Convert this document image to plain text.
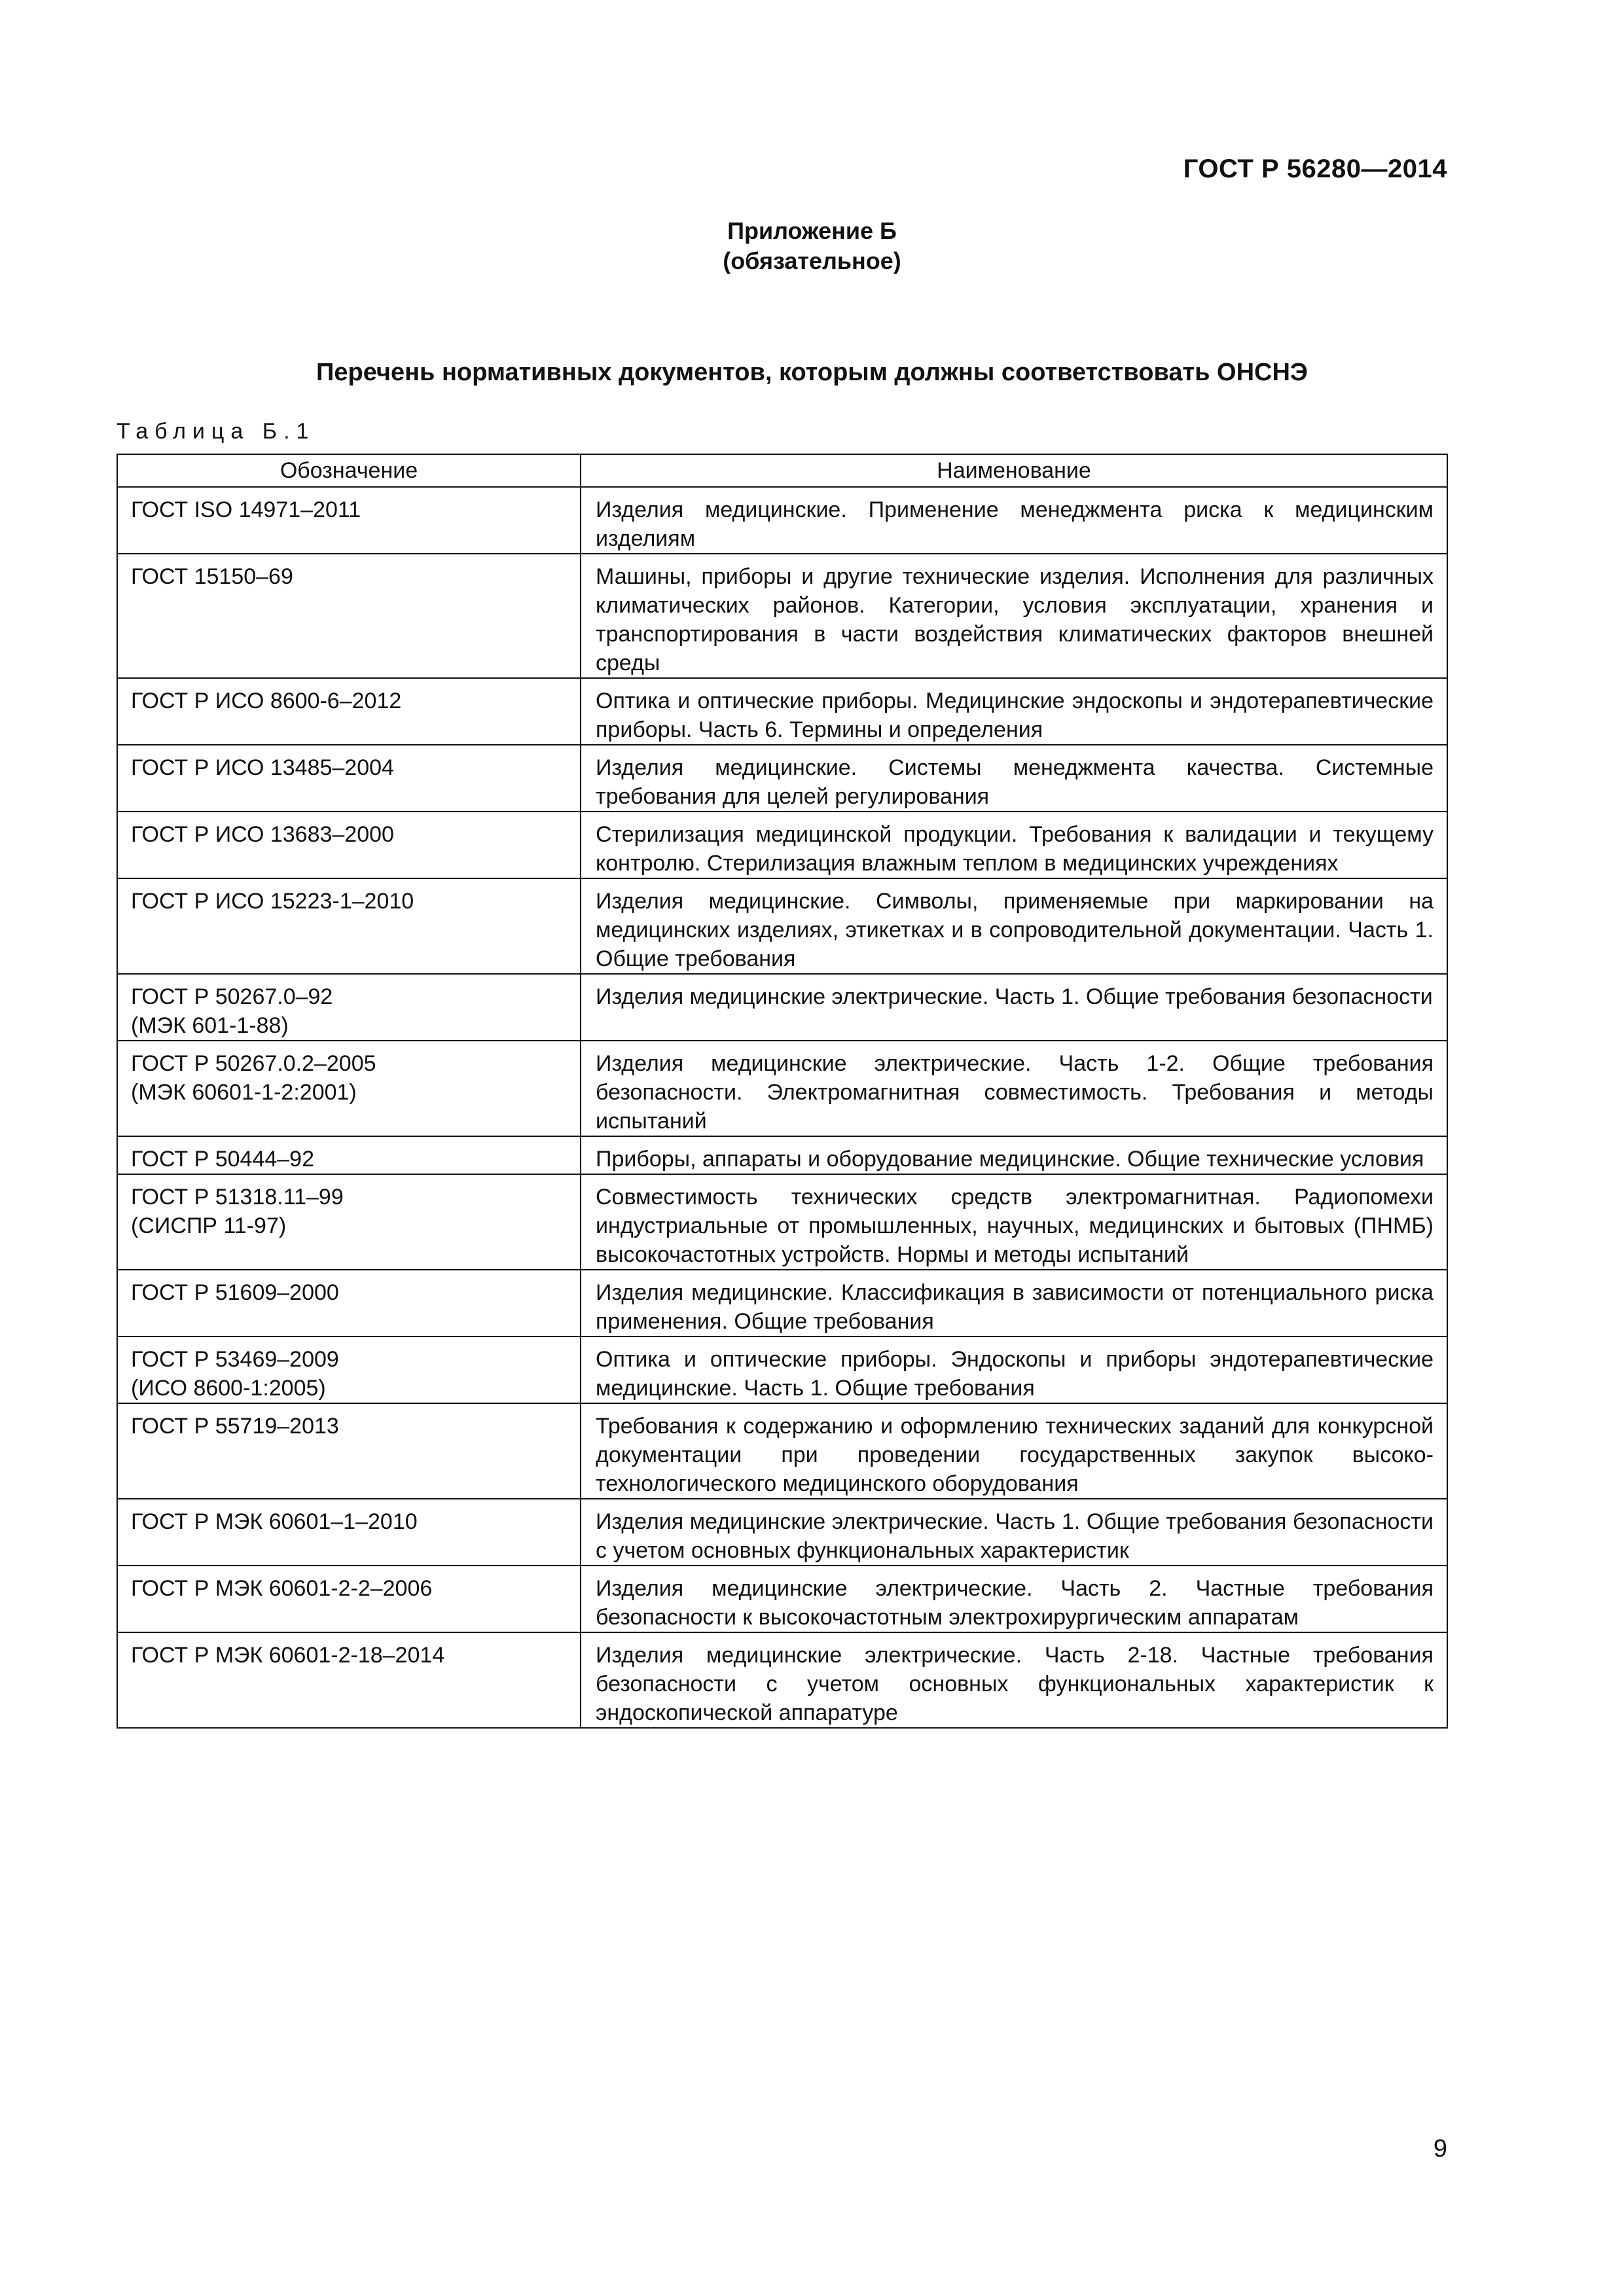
ГОСТ Р 56280—2014
Приложение Б
(обязательное)
Перечень нормативных документов, которым должны соответствовать ОНСНЭ
Таблица Б.1
Обозначение	Наименование
ГОСТ ISO 14971–2011	Изделия медицинские. Применение менеджмента риска к медицинским изделиям
ГОСТ 15150–69	Машины, приборы и другие технические изделия. Исполнения для различных климатических районов. Категории, условия эксплуатации, хранения и транспортирования в части воздействия климатических факторов внешней среды
ГОСТ Р ИСО 8600-6–2012	Оптика и оптические приборы. Медицинские эндоскопы и эндотерапевтические приборы. Часть 6. Термины и определения
ГОСТ Р ИСО 13485–2004	Изделия медицинские. Системы менеджмента качества. Системные требования для целей регулирования
ГОСТ Р ИСО 13683–2000	Стерилизация медицинской продукции. Требования к валидации и текущему контролю. Стерилизация влажным теплом в медицинских учреждениях
ГОСТ Р ИСО 15223-1–2010	Изделия медицинские. Символы, применяемые при маркировании на медицинских изделиях, этикетках и в сопроводительной документации. Часть 1. Общие требования
ГОСТ Р 50267.0–92
(МЭК 601-1-88)	Изделия медицинские электрические. Часть 1. Общие требования безопасности
ГОСТ Р 50267.0.2–2005
(МЭК 60601-1-2:2001)	Изделия медицинские электрические. Часть 1-2. Общие требования безопасности. Электромагнитная совместимость. Требования и методы испытаний
ГОСТ Р 50444–92	Приборы, аппараты и оборудование медицинские. Общие технические условия
ГОСТ Р 51318.11–99
(СИСПР 11-97)	Совместимость технических средств электромагнитная. Радиопомехи индустриальные от промышленных, научных, медицинских и бытовых (ПНМБ) высокочастотных устройств. Нормы и методы испытаний
ГОСТ Р 51609–2000	Изделия медицинские. Классификация в зависимости от потенциального риска применения. Общие требования
ГОСТ Р 53469–2009
(ИСО 8600-1:2005)	Оптика и оптические приборы. Эндоскопы и приборы эндотерапевтические медицинские. Часть 1. Общие требования
ГОСТ Р 55719–2013	Требования к содержанию и оформлению технических заданий для конкурсной документации при проведении государственных закупок высоко-технологического медицинского оборудования
ГОСТ Р МЭК 60601–1–2010	Изделия медицинские электрические. Часть 1. Общие требования безопасности с учетом основных функциональных характеристик
ГОСТ Р МЭК 60601-2-2–2006	Изделия медицинские электрические. Часть 2. Частные требования безопасности к высокочастотным электрохирургическим аппаратам
ГОСТ Р МЭК 60601-2-18–2014	Изделия медицинские электрические. Часть 2-18. Частные требования безопасности с учетом основных функциональных характеристик к эндоскопической аппаратуре
9
